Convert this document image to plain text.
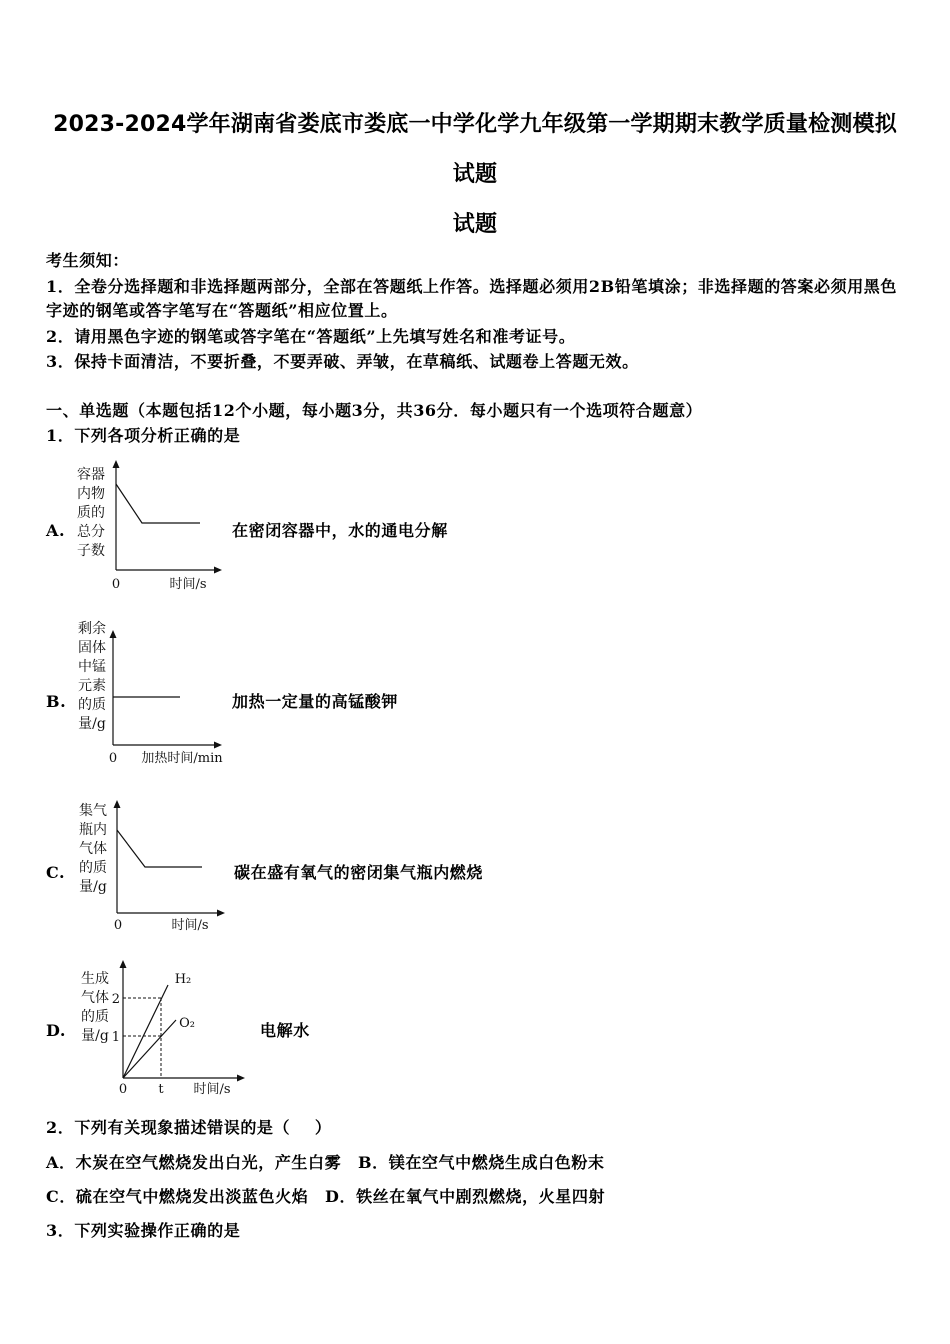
2023-2024学年湖南省娄底市娄底一中学化学九年级第一学期期末教学质量检测模拟
试题
试题
考生须知：
1．全卷分选择题和非选择题两部分，全部在答题纸上作答。选择题必须用2B铅笔填涂；非选择题的答案必须用黑色
字迹的钢笔或答字笔写在“答题纸”相应位置上。
2．请用黑色字迹的钢笔或答字笔在“答题纸”上先填写姓名和准考证号。
3．保持卡面清洁，不要折叠，不要弄破、弄皱，在草稿纸、试题卷上答题无效。
一、单选题（本题包括12个小题，每小题3分，共36分．每小题只有一个选项符合题意）
1．下列各项分析正确的是
A.
容器
内物
质的
总分
子数
0	时间/s
在密闭容器中，水的通电分解
B.
剩余
固体
中锰
元素
的质
量/g
0 加热时间/min
加热一定量的高锰酸钾
C.
集气
瓶内
气体
的质
量/g
0	时间/s
碳在盛有氧气的密闭集气瓶内燃烧
D.
H₂
O₂
2
1
生成
气体
的质
量/g
0 t 时间/s
电解水
2．下列有关现象描述错误的是（    ）
A．木炭在空气燃烧发出白光，产生白雾 B．镁在空气中燃烧生成白色粉末
C．硫在空气中燃烧发出淡蓝色火焰 D．铁丝在氧气中剧烈燃烧，火星四射
3．下列实验操作正确的是
